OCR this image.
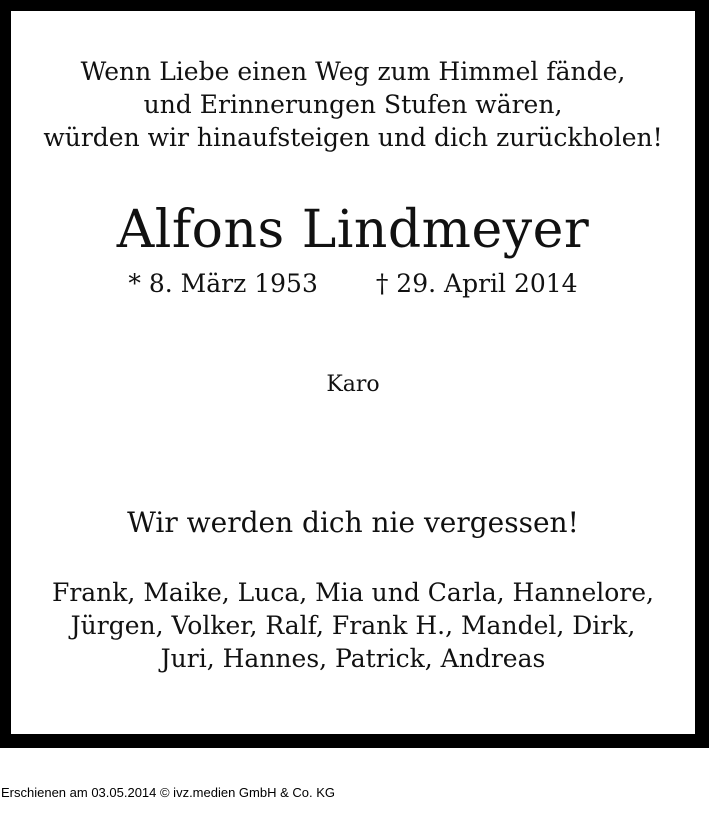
Wenn Liebe einen Weg zum Himmel fände,
und Erinnerungen Stufen wären,
würden wir hinaufsteigen und dich zurückholen!
Alfons Lindmeyer
* 8. März 1953 † 29. April 2014
Karo
Wir werden dich nie vergessen!
Frank, Maike, Luca, Mia und Carla, Hannelore,
Jürgen, Volker, Ralf, Frank H., Mandel, Dirk,
Juri, Hannes, Patrick, Andreas
Erschienen am 03.05.2014 © ivz.medien GmbH & Co. KG
